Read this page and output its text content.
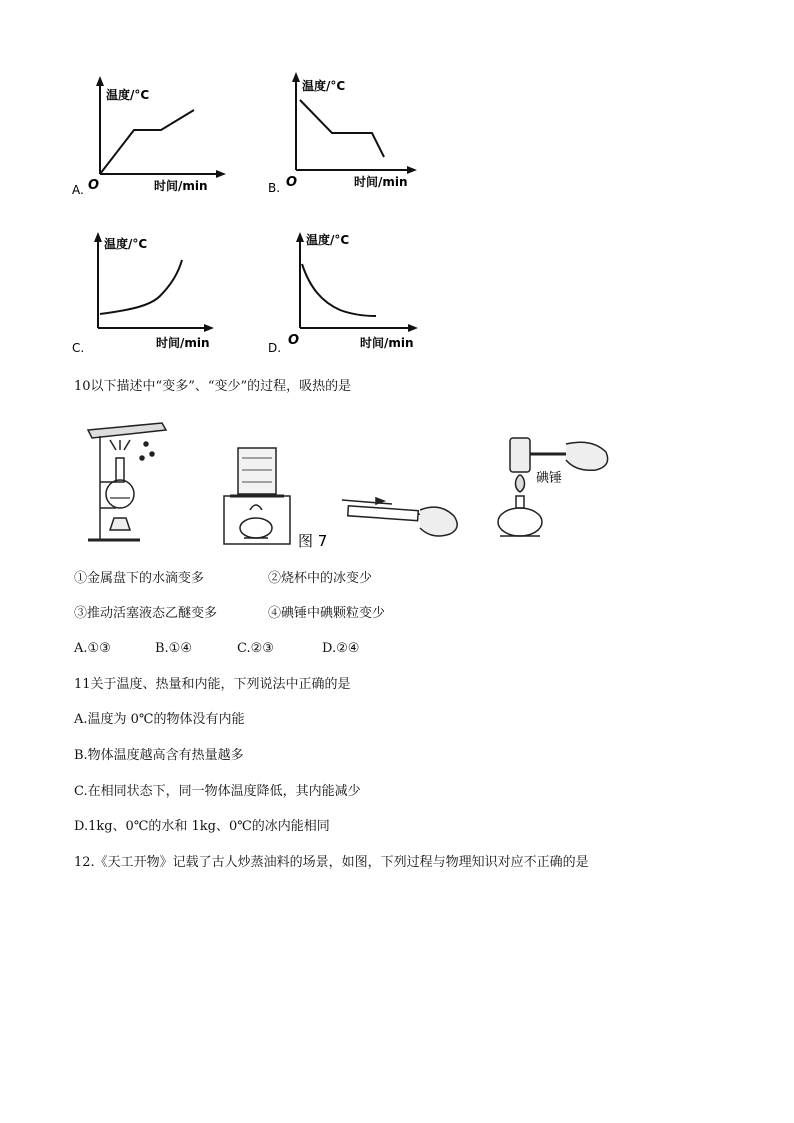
温度/°C
时间/min
O
A.
温度/°C
时间/min
O
B.
温度/°C
时间/min
C.
温度/°C
时间/min
O
D.
10以下描述中“变多”、“变少”的过程，吸热的是
图 7
碘锤
①金属盘下的水滴变多	②烧杯中的冰变少
③推动活塞液态乙醚变多	④碘锤中碘颗粒变少
A.①③	B.①④	C.②③	D.②④
11关于温度、热量和内能，下列说法中正确的是
A.温度为 0℃的物体没有内能
B.物体温度越高含有热量越多
C.在相同状态下，同一物体温度降低，其内能减少
D.1kg、0℃的水和 1kg、0℃的冰内能相同
12.《天工开物》记载了古人炒蒸油料的场景，如图，下列过程与物理知识对应不正确的是
